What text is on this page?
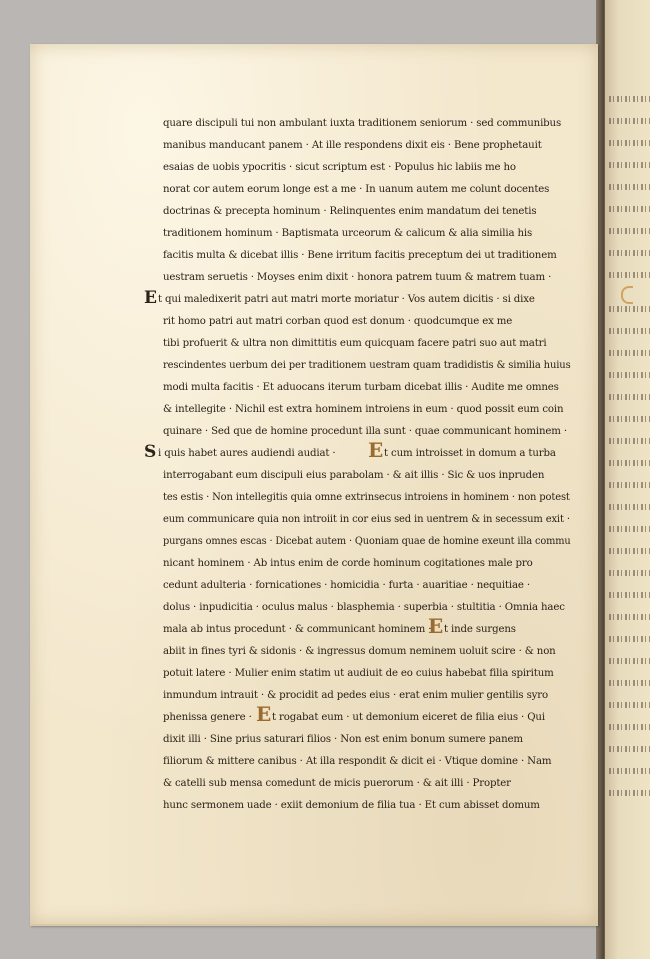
quare discipuli tui non ambulant iuxta traditionem seniorum · sed communibus
manibus manducant panem · At ille respondens dixit eis · Bene prophetauit
esaias de uobis ypocritis · sicut scriptum est · Populus hic labiis me ho
norat cor autem eorum longe est a me · In uanum autem me colunt docentes
doctrinas & precepta hominum · Relinquentes enim mandatum dei tenetis
traditionem hominum · Baptismata urceorum & calicum & alia similia his
facitis multa & dicebat illis · Bene irritum facitis preceptum dei ut traditionem
uestram seruetis · Moyses enim dixit · honora patrem tuum & matrem tuam ·
E t qui maledixerit patri aut matri morte moriatur · Vos autem dicitis · si dixe
rit homo patri aut matri corban quod est donum · quodcumque ex me
tibi profuerit & ultra non dimittitis eum quicquam facere patri suo aut matri
rescindentes uerbum dei per traditionem uestram quam tradidistis & similia huius
modi multa facitis · Et aduocans iterum turbam dicebat illis · Audite me omnes
& intellegite · Nichil est extra hominem introiens in eum · quod possit eum coin
quinare · Sed que de homine procedunt illa sunt · quae communicant hominem ·
S i quis habet aures audiendi audiat · E t cum introisset in domum a turba
interrogabant eum discipuli eius parabolam · & ait illis · Sic & uos inpruden
tes estis · Non intellegitis quia omne extrinsecus introiens in hominem · non potest
eum communicare quia non introiit in cor eius sed in uentrem & in secessum exit ·
purgans omnes escas · Dicebat autem · Quoniam quae de homine exeunt illa commu
nicant hominem · Ab intus enim de corde hominum cogitationes male pro
cedunt adulteria · fornicationes · homicidia · furta · auaritiae · nequitiae ·
dolus · inpudicitia · oculus malus · blasphemia · superbia · stultitia · Omnia haec
mala ab intus procedunt · & communicant hominem ·
E t inde surgens
abiit in fines tyri & sidonis · & ingressus domum neminem uoluit scire · & non
potuit latere · Mulier enim statim ut audiuit de eo cuius habebat filia spiritum
inmundum intrauit · & procidit ad pedes eius · erat enim mulier gentilis syro
phenissa genere · E t rogabat eum · ut demonium eiceret de filia eius · Qui
dixit illi · Sine prius saturari filios · Non est enim bonum sumere panem
filiorum & mittere canibus · At illa respondit & dicit ei · Vtique domine · Nam
& catelli sub mensa comedunt de micis puerorum · & ait illi · Propter
hunc sermonem uade · exiit demonium de filia tua · Et cum abisset domum
